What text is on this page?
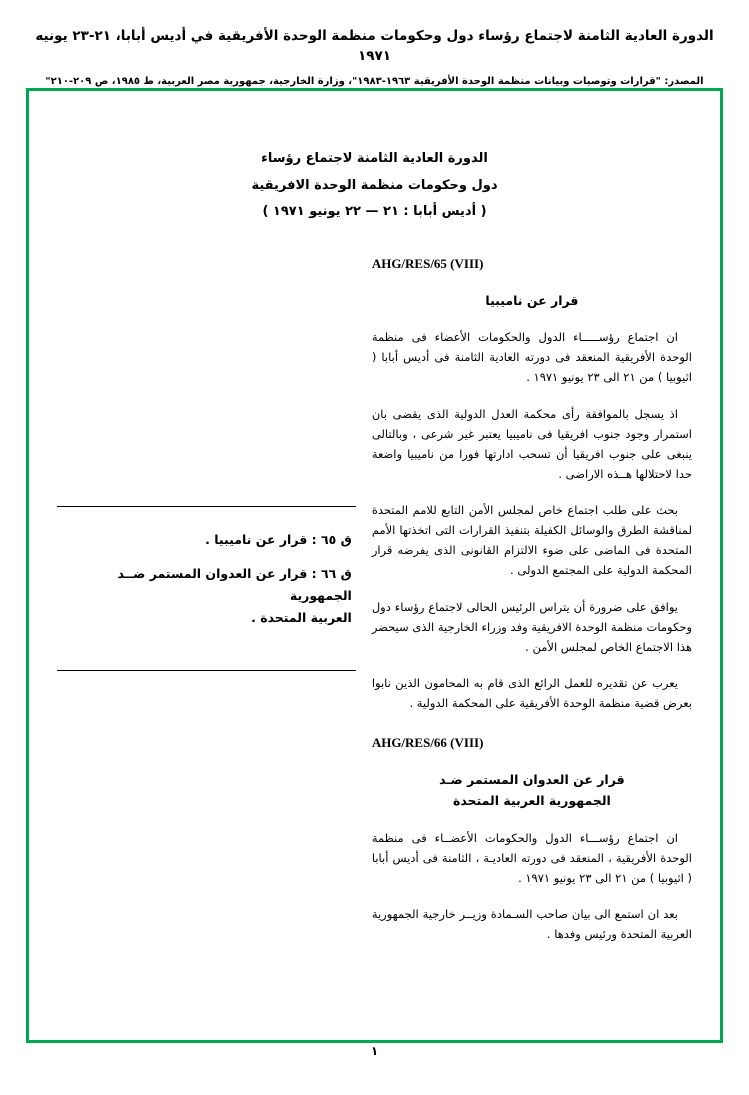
الدورة العادية الثامنة لاجتماع رؤساء دول وحكومات منظمة الوحدة الأفريقية في أديس أبابا، ٢١-٢٣ يونيه ١٩٧١
المصدر: "قرارات وتوصيات وبيانات منظمة الوحدة الأفريقية ١٩٦٣-١٩٨٣"، وزارة الخارجية، جمهورية مصر العربية، ط ١٩٨٥، ص ٢٠٩-٢١٠"
الدورة العادية الثامنة لاجتماع رؤساء
دول وحكومات منظمة الوحدة الافريقية
( أديس أبابا : ٢١ — ٢٢ يونيو ١٩٧١ )
AHG/RES/65 (VIII)
قرار عن ناميبيا

ان اجتماع رؤســـــاء الدول والحكومات الأعضاء فى منظمة الوحدة الأفريقية المنعقد فى دورته العادية الثامنة فى أديس أبابا ( اثيوبيا ) من ٢١ الى ٢٣ يونيو ١٩٧١ .

اذ يسجل بالموافقة رأى محكمة العدل الدولية الذى يقضى بان استمرار وجود جنوب افريقيا فى ناميبيا يعتبر غير شرعى ، وبالتالى ينبغى على جنوب افريقيا أن تسحب ادارتها فورا من ناميبيا واضعة حدا لاحتلالها هــذه الاراضى .

بحث على طلب اجتماع خاص لمجلس الأمن التابع للامم المتحدة لمناقشة الطرق والوسائل الكفيلة بتنفيذ القرارات التى اتخذتها الأمم المتحدة فى الماضى على ضوء الالتزام القانونى الذى يفرضه قرار المحكمة الدولية على المجتمع الدولى .

يوافق على ضرورة أن يتراس الرئيس الحالى لاجتماع رؤساء دول وحكومات منظمة الوحدة الافريقية وفد وزراء الخارجية الذى سيحضر هذا الاجتماع الخاص لمجلس الأمن .

يعرب عن تقديره للعمل الرائع الذى قام به المحامون الذين نابوا بعرض قضية منظمة الوحدة الأفريقية على المحكمة الدولية .

AHG/RES/66 (VIII)
قرار عن العدوان المستمر ضـد
الجمهورية العربية المتحدة

ان اجتماع رؤســـاء الدول والحكومات الأعضــاء فى منظمة الوحدة الأفريقية ، المنعقد فى دورته العاديـة ، الثامنة فى أديس أبابا ( اثيوبيا ) من ٢١ الى ٢٣ يونيو ١٩٧١ .

بعد ان استمع الى بيان صاحب السـمادة وزيــر خارجية الجمهورية العربية المتحدة ورئيس وفدها .

ق ٦٥ : قرار عن ناميبيا .
ق ٦٦ : قرار عن العدوان المستمر ضــد الجمهورية
العربية المتحدة .
١
